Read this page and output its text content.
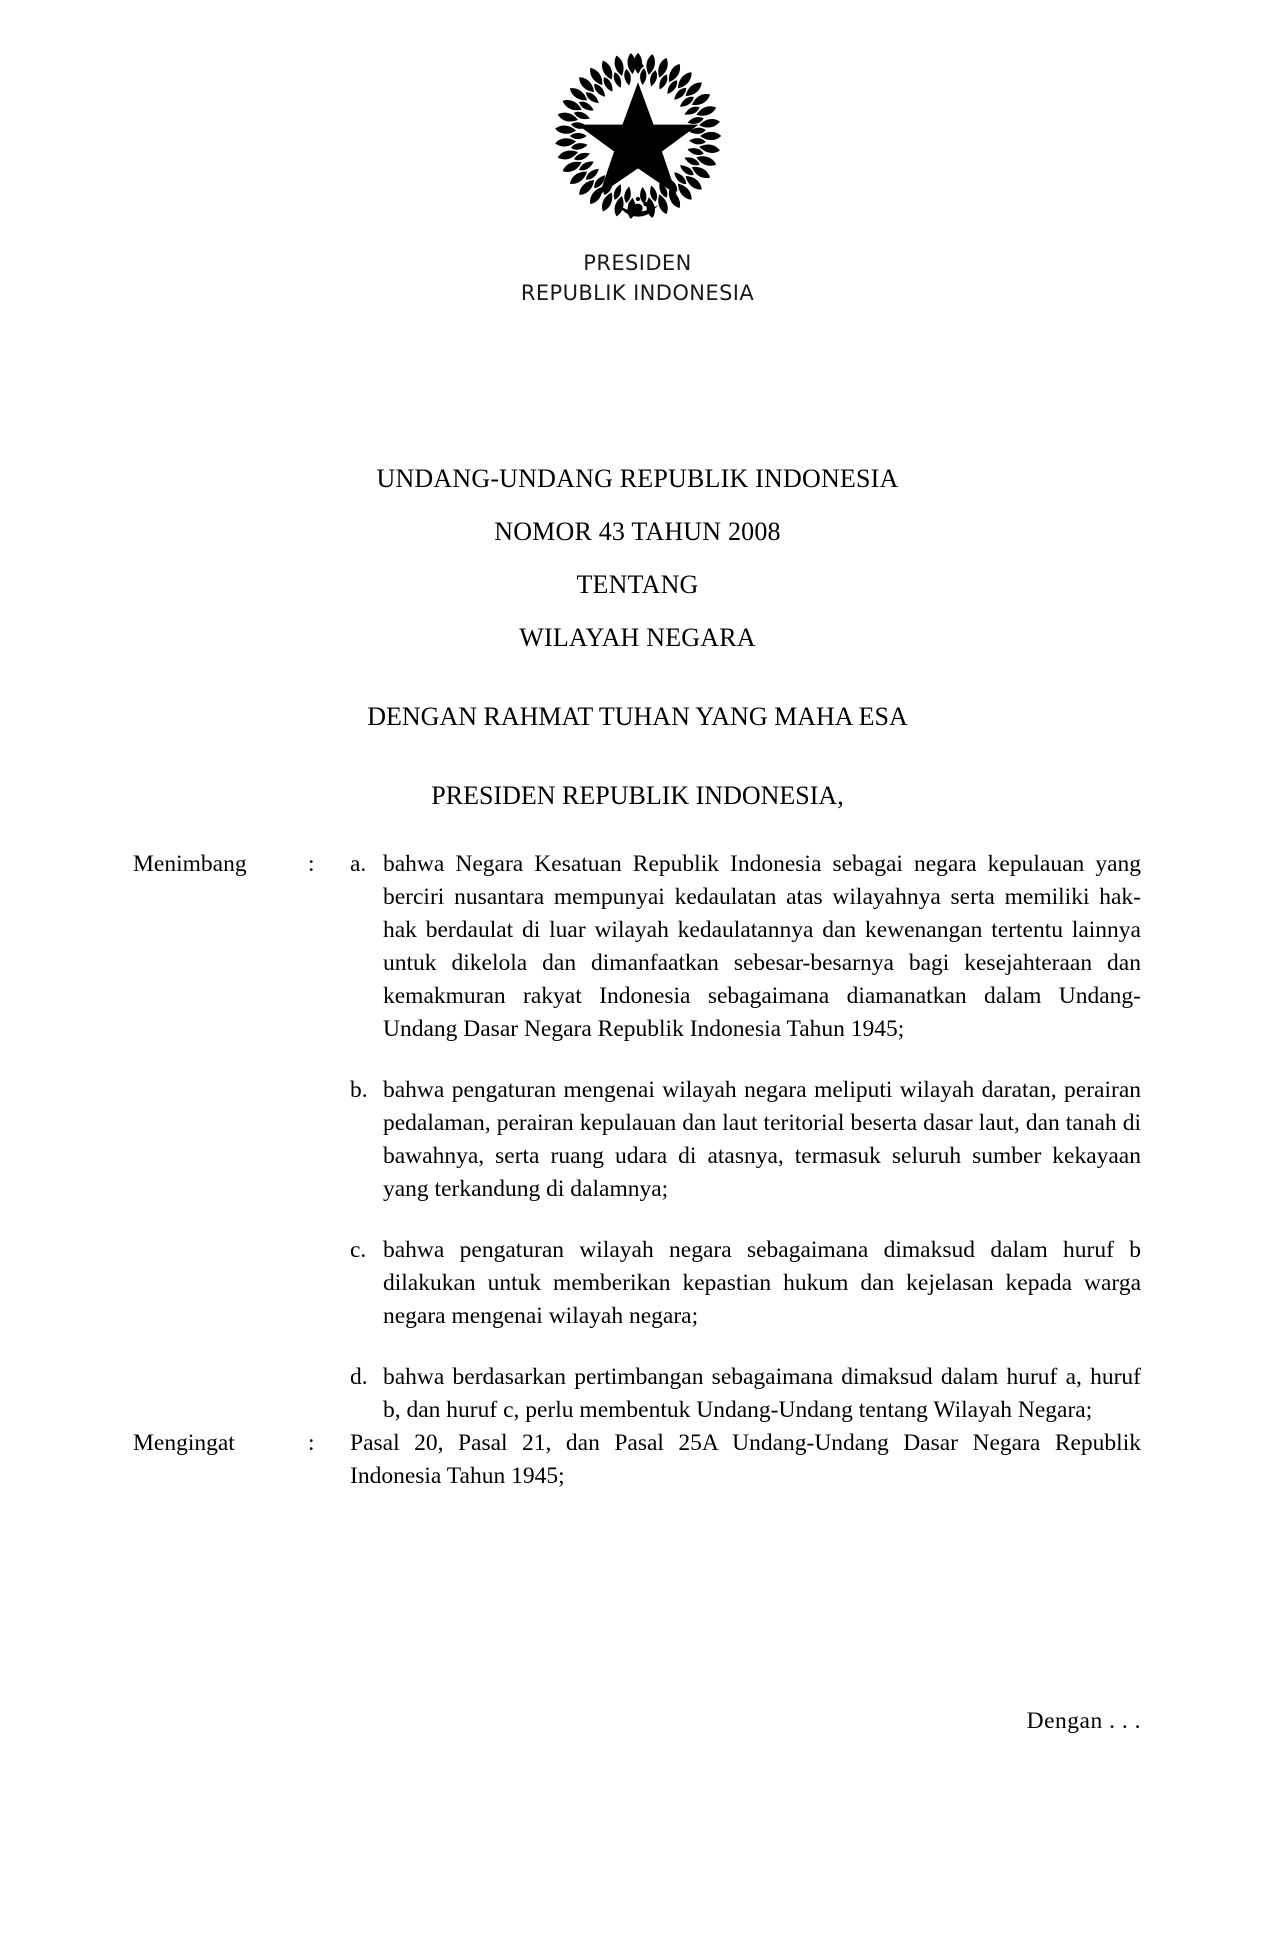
PRESIDEN
REPUBLIK INDONESIA
UNDANG-UNDANG REPUBLIK INDONESIA
NOMOR 43 TAHUN 2008
TENTANG
WILAYAH NEGARA
DENGAN RAHMAT TUHAN YANG MAHA ESA
PRESIDEN REPUBLIK INDONESIA,
Menimbang	:	a. bahwa Negara Kesatuan Republik Indonesia sebagai negara kepulauan yang berciri nusantara mempunyai kedaulatan atas wilayahnya serta memiliki hak-hak berdaulat di luar wilayah kedaulatannya dan kewenangan tertentu lainnya untuk dikelola dan dimanfaatkan sebesar-besarnya bagi kesejahteraan dan kemakmuran rakyat Indonesia sebagaimana diamanatkan dalam Undang-Undang Dasar Negara Republik Indonesia Tahun 1945;
b. bahwa pengaturan mengenai wilayah negara meliputi wilayah daratan, perairan pedalaman, perairan kepulauan dan laut teritorial beserta dasar laut, dan tanah di bawahnya, serta ruang udara di atasnya, termasuk seluruh sumber kekayaan yang terkandung di dalamnya;
c. bahwa pengaturan wilayah negara sebagaimana dimaksud dalam huruf b dilakukan untuk memberikan kepastian hukum dan kejelasan kepada warga negara mengenai wilayah negara;
d. bahwa berdasarkan pertimbangan sebagaimana dimaksud dalam huruf a, huruf b, dan huruf c, perlu membentuk Undang-Undang tentang Wilayah Negara;
Mengingat	:	Pasal 20, Pasal 21, dan Pasal 25A Undang-Undang Dasar Negara Republik Indonesia Tahun 1945;
Dengan . . .
